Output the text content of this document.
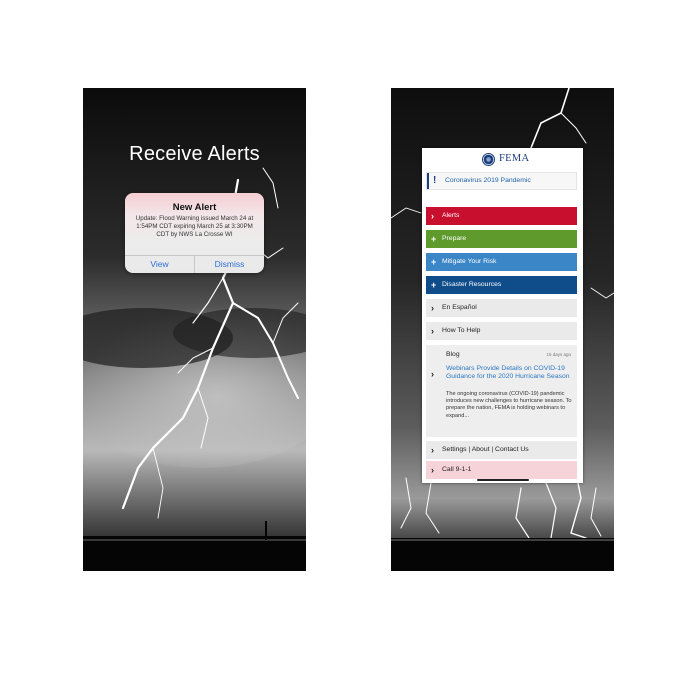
Receive Alerts
New Alert
Update: Flood Warning issued March 24 at 1:54PM CDT expiring March 25 at 3:30PM CDT by NWS La Crosse WI
View	Dismiss
FEMA
! Coronavirus 2019 Pandemic
› Alerts
+ Prepare
+ Mitigate Your Risk
+ Disaster Resources
› En Español
› How To Help
Blog	15 days ago
›
Webinars Provide Details on COVID-19 Guidance for the 2020 Hurricane Season
The ongoing coronavirus (COVID-19) pandemic introduces new challenges to hurricane season. To prepare the nation, FEMA is holding webinars to expand...
› Settings | About | Contact Us
› Call 9-1-1
